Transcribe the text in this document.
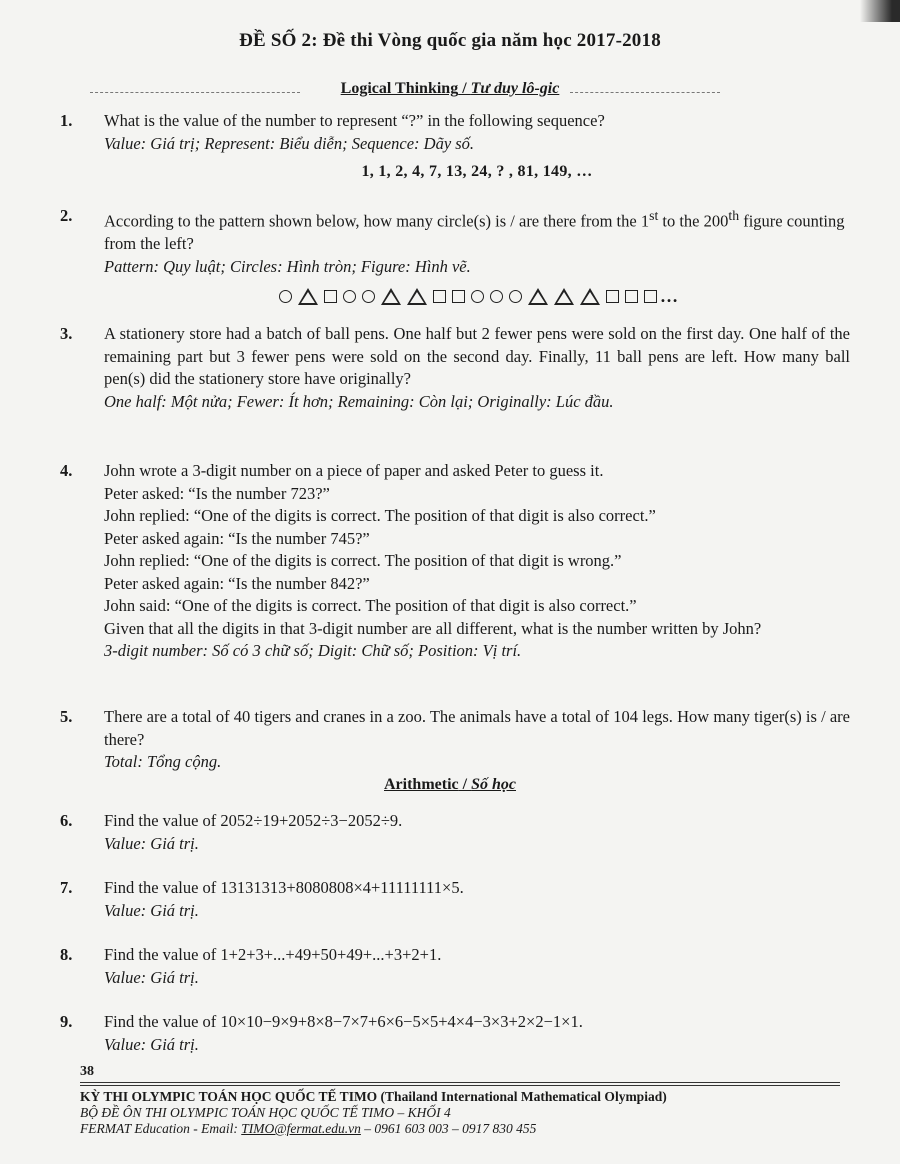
ĐỀ SỐ 2: Đề thi Vòng quốc gia năm học 2017-2018
Logical Thinking / Tư duy lô-gic
1.	What is the value of the number to represent “?” in the following sequence?

Value: Giá trị; Represent: Biểu diễn; Sequence: Dãy số.

1, 1, 2, 4, 7, 13, 24, ? , 81, 149, …
2.	According to the pattern shown below, how many circle(s) is / are there from the 1st to the 200th figure counting from the left?

Pattern: Quy luật; Circles: Hình tròn; Figure: Hình vẽ.

…
3.	A stationery store had a batch of ball pens. One half but 2 fewer pens were sold on the first day. One half of the remaining part but 3 fewer pens were sold on the second day. Finally, 11 ball pens are left. How many ball pen(s) did the stationery store have originally?

One half: Một nửa; Fewer: Ít hơn; Remaining: Còn lại; Originally: Lúc đầu.

4.	John wrote a 3-digit number on a piece of paper and asked Peter to guess it.

Peter asked: “Is the number 723?”

John replied: “One of the digits is correct. The position of that digit is also correct.”

Peter asked again: “Is the number 745?”

John replied: “One of the digits is correct. The position of that digit is wrong.”

Peter asked again: “Is the number 842?”

John said: “One of the digits is correct. The position of that digit is also correct.”

Given that all the digits in that 3-digit number are all different, what is the number written by John?

3-digit number: Số có 3 chữ số; Digit: Chữ số; Position: Vị trí.

5.	There are a total of 40 tigers and cranes in a zoo. The animals have a total of 104 legs. How many tiger(s) is / are there?

Total: Tổng cộng.

Arithmetic / Số học
6.	Find the value of 2052÷19+2052÷3−2052÷9.

Value: Giá trị.

7.	Find the value of 13131313+8080808×4+11111111×5.

Value: Giá trị.

8.	Find the value of 1+2+3+...+49+50+49+...+3+2+1.

Value: Giá trị.

9.	Find the value of 10×10−9×9+8×8−7×7+6×6−5×5+4×4−3×3+2×2−1×1.

Value: Giá trị.

38
KỲ THI OLYMPIC TOÁN HỌC QUỐC TẾ TIMO (Thailand International Mathematical Olympiad)
BỘ ĐỀ ÔN THI OLYMPIC TOÁN HỌC QUỐC TẾ TIMO – KHỐI 4
FERMAT Education - Email: TIMO@fermat.edu.vn – 0961 603 003 – 0917 830 455
